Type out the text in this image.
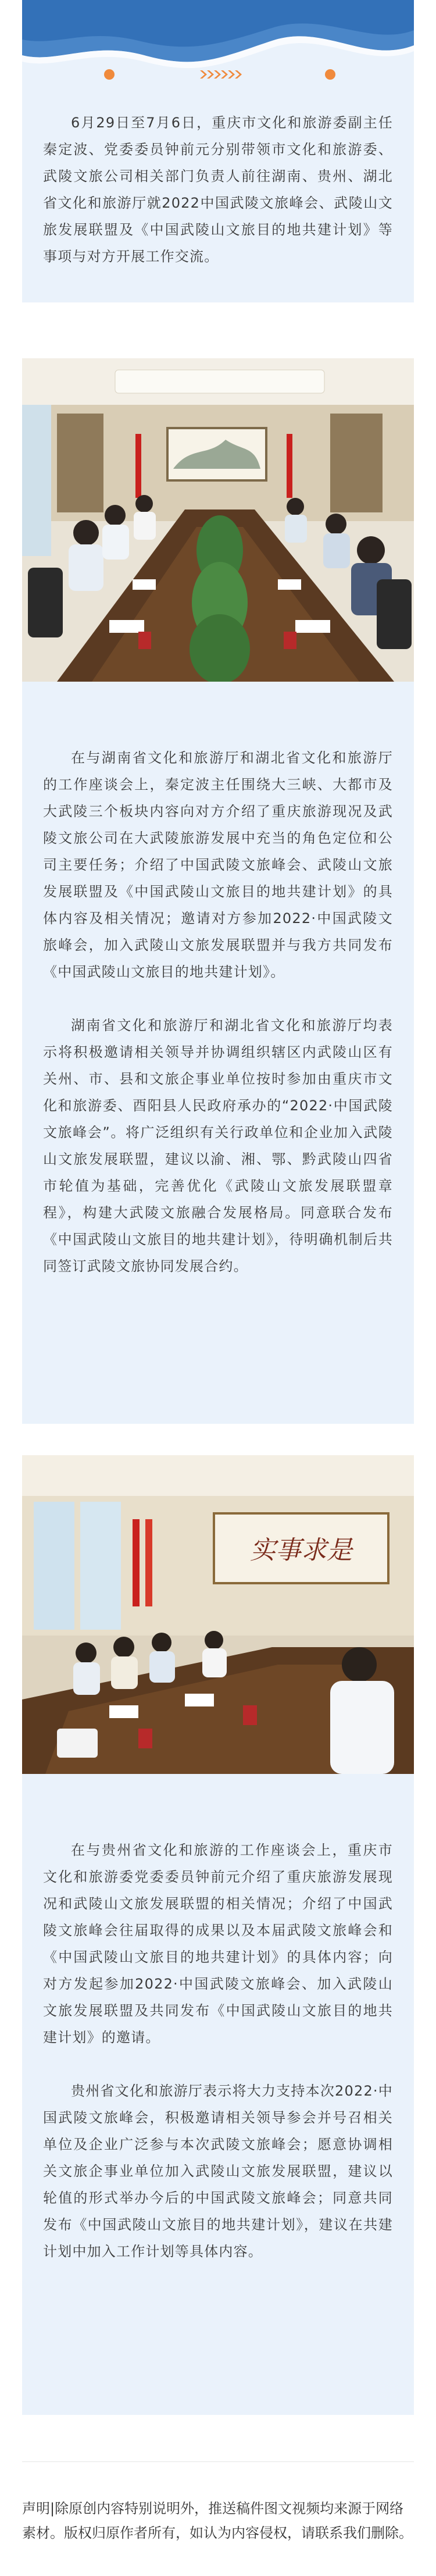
6月29日至7月6日，重庆市文化和旅游委副主任秦定波、党委委员钟前元分别带领市文化和旅游委、武陵文旅公司相关部门负责人前往湖南、贵州、湖北省文化和旅游厅就2022中国武陵文旅峰会、武陵山文旅发展联盟及《中国武陵山文旅目的地共建计划》等事项与对方开展工作交流。

在与湖南省文化和旅游厅和湖北省文化和旅游厅的工作座谈会上，秦定波主任围绕大三峡、大都市及大武陵三个板块内容向对方介绍了重庆旅游现况及武陵文旅公司在大武陵旅游发展中充当的角色定位和公司主要任务；介绍了中国武陵文旅峰会、武陵山文旅发展联盟及《中国武陵山文旅目的地共建计划》的具体内容及相关情况；邀请对方参加2022·中国武陵文旅峰会，加入武陵山文旅发展联盟并与我方共同发布《中国武陵山文旅目的地共建计划》。

湖南省文化和旅游厅和湖北省文化和旅游厅均表示将积极邀请相关领导并协调组织辖区内武陵山区有关州、市、县和文旅企事业单位按时参加由重庆市文化和旅游委、酉阳县人民政府承办的“2022·中国武陵文旅峰会”。将广泛组织有关行政单位和企业加入武陵山文旅发展联盟，建议以渝、湘、鄂、黔武陵山四省市轮值为基础，完善优化《武陵山文旅发展联盟章程》，构建大武陵文旅融合发展格局。同意联合发布《中国武陵山文旅目的地共建计划》，待明确机制后共同签订武陵文旅协同发展合约。

实事求是

在与贵州省文化和旅游的工作座谈会上，重庆市文化和旅游委党委委员钟前元介绍了重庆旅游发展现况和武陵山文旅发展联盟的相关情况；介绍了中国武陵文旅峰会往届取得的成果以及本届武陵文旅峰会和《中国武陵山文旅目的地共建计划》的具体内容；向对方发起参加2022·中国武陵文旅峰会、加入武陵山文旅发展联盟及共同发布《中国武陵山文旅目的地共建计划》的邀请。

贵州省文化和旅游厅表示将大力支持本次2022·中国武陵文旅峰会，积极邀请相关领导参会并号召相关单位及企业广泛参与本次武陵文旅峰会；愿意协调相关文旅企事业单位加入武陵山文旅发展联盟，建议以轮值的形式举办今后的中国武陵文旅峰会；同意共同发布《中国武陵山文旅目的地共建计划》，建议在共建计划中加入工作计划等具体内容。

声明|除原创内容特别说明外，推送稿件图文视频均来源于网络素材。版权归原作者所有，如认为内容侵权，请联系我们删除。
